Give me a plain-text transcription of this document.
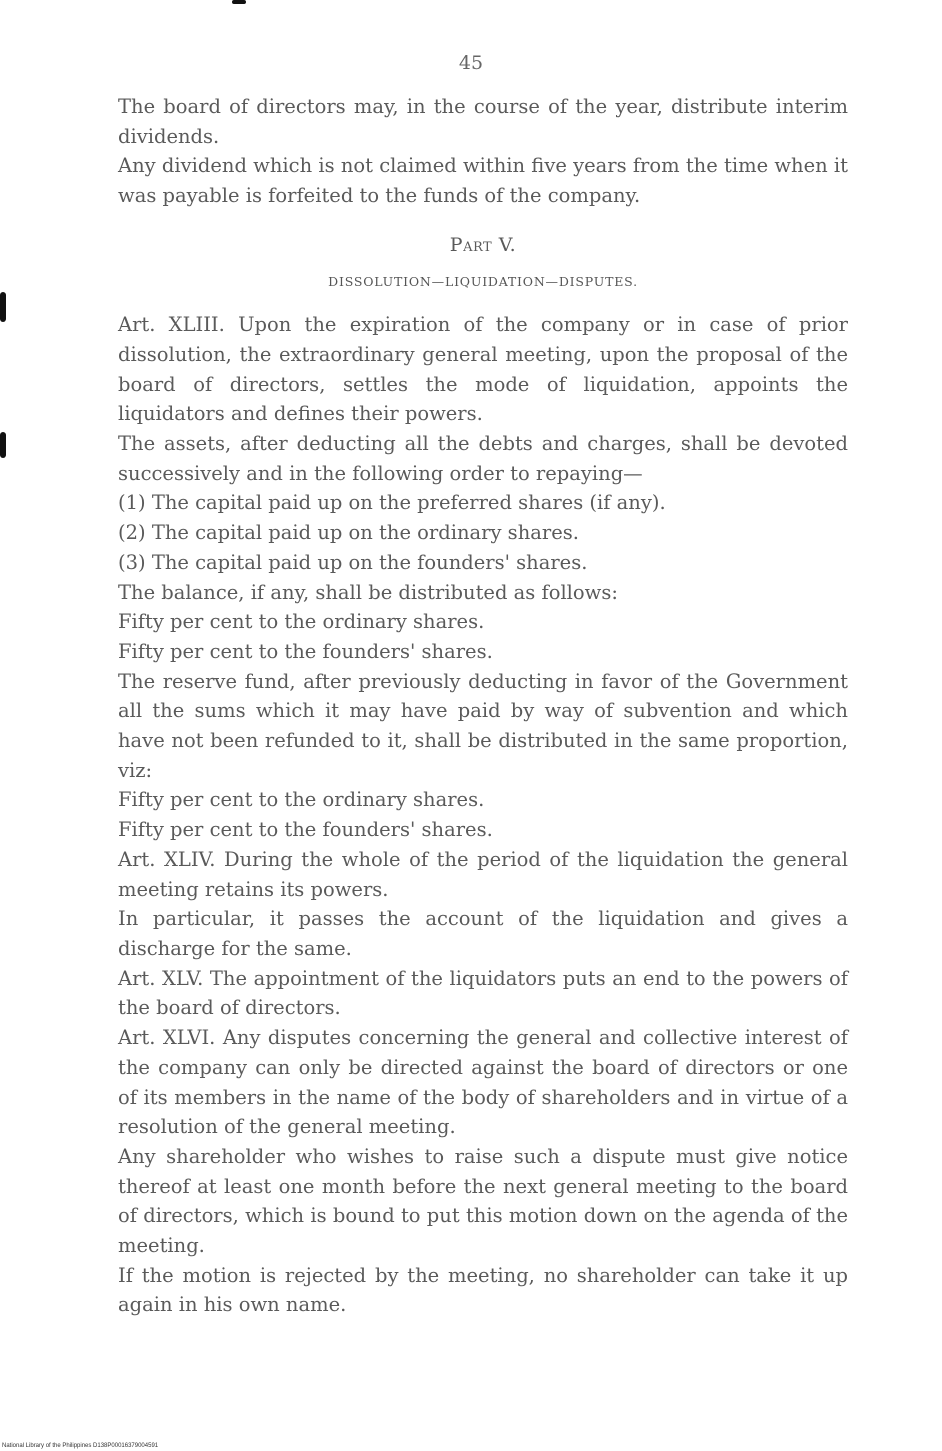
45

The board of directors may, in the course of the year, distribute interim dividends.

Any dividend which is not claimed within five years from the time when it was payable is forfeited to the funds of the company.

Part V.
DISSOLUTION—LIQUIDATION—DISPUTES.

Art. XLIII. Upon the expiration of the company or in case of prior dissolution, the extraordinary general meeting, upon the proposal of the board of directors, settles the mode of liquidation, appoints the liquidators and defines their powers.

The assets, after deducting all the debts and charges, shall be devoted successively and in the following order to repaying—

(1) The capital paid up on the preferred shares (if any).

(2) The capital paid up on the ordinary shares.

(3) The capital paid up on the founders' shares.

The balance, if any, shall be distributed as follows:

Fifty per cent to the ordinary shares.

Fifty per cent to the founders' shares.

The reserve fund, after previously deducting in favor of the Government all the sums which it may have paid by way of subvention and which have not been refunded to it, shall be distributed in the same proportion, viz:

Fifty per cent to the ordinary shares.

Fifty per cent to the founders' shares.

Art. XLIV. During the whole of the period of the liquidation the general meeting retains its powers.

In particular, it passes the account of the liquidation and gives a discharge for the same.

Art. XLV. The appointment of the liquidators puts an end to the powers of the board of directors.

Art. XLVI. Any disputes concerning the general and collective interest of the company can only be directed against the board of directors or one of its members in the name of the body of shareholders and in virtue of a resolution of the general meeting.

Any shareholder who wishes to raise such a dispute must give notice thereof at least one month before the next general meeting to the board of directors, which is bound to put this motion down on the agenda of the meeting.

If the motion is rejected by the meeting, no shareholder can take it up again in his own name.

National Library of the Philippines D138P00016379004591
